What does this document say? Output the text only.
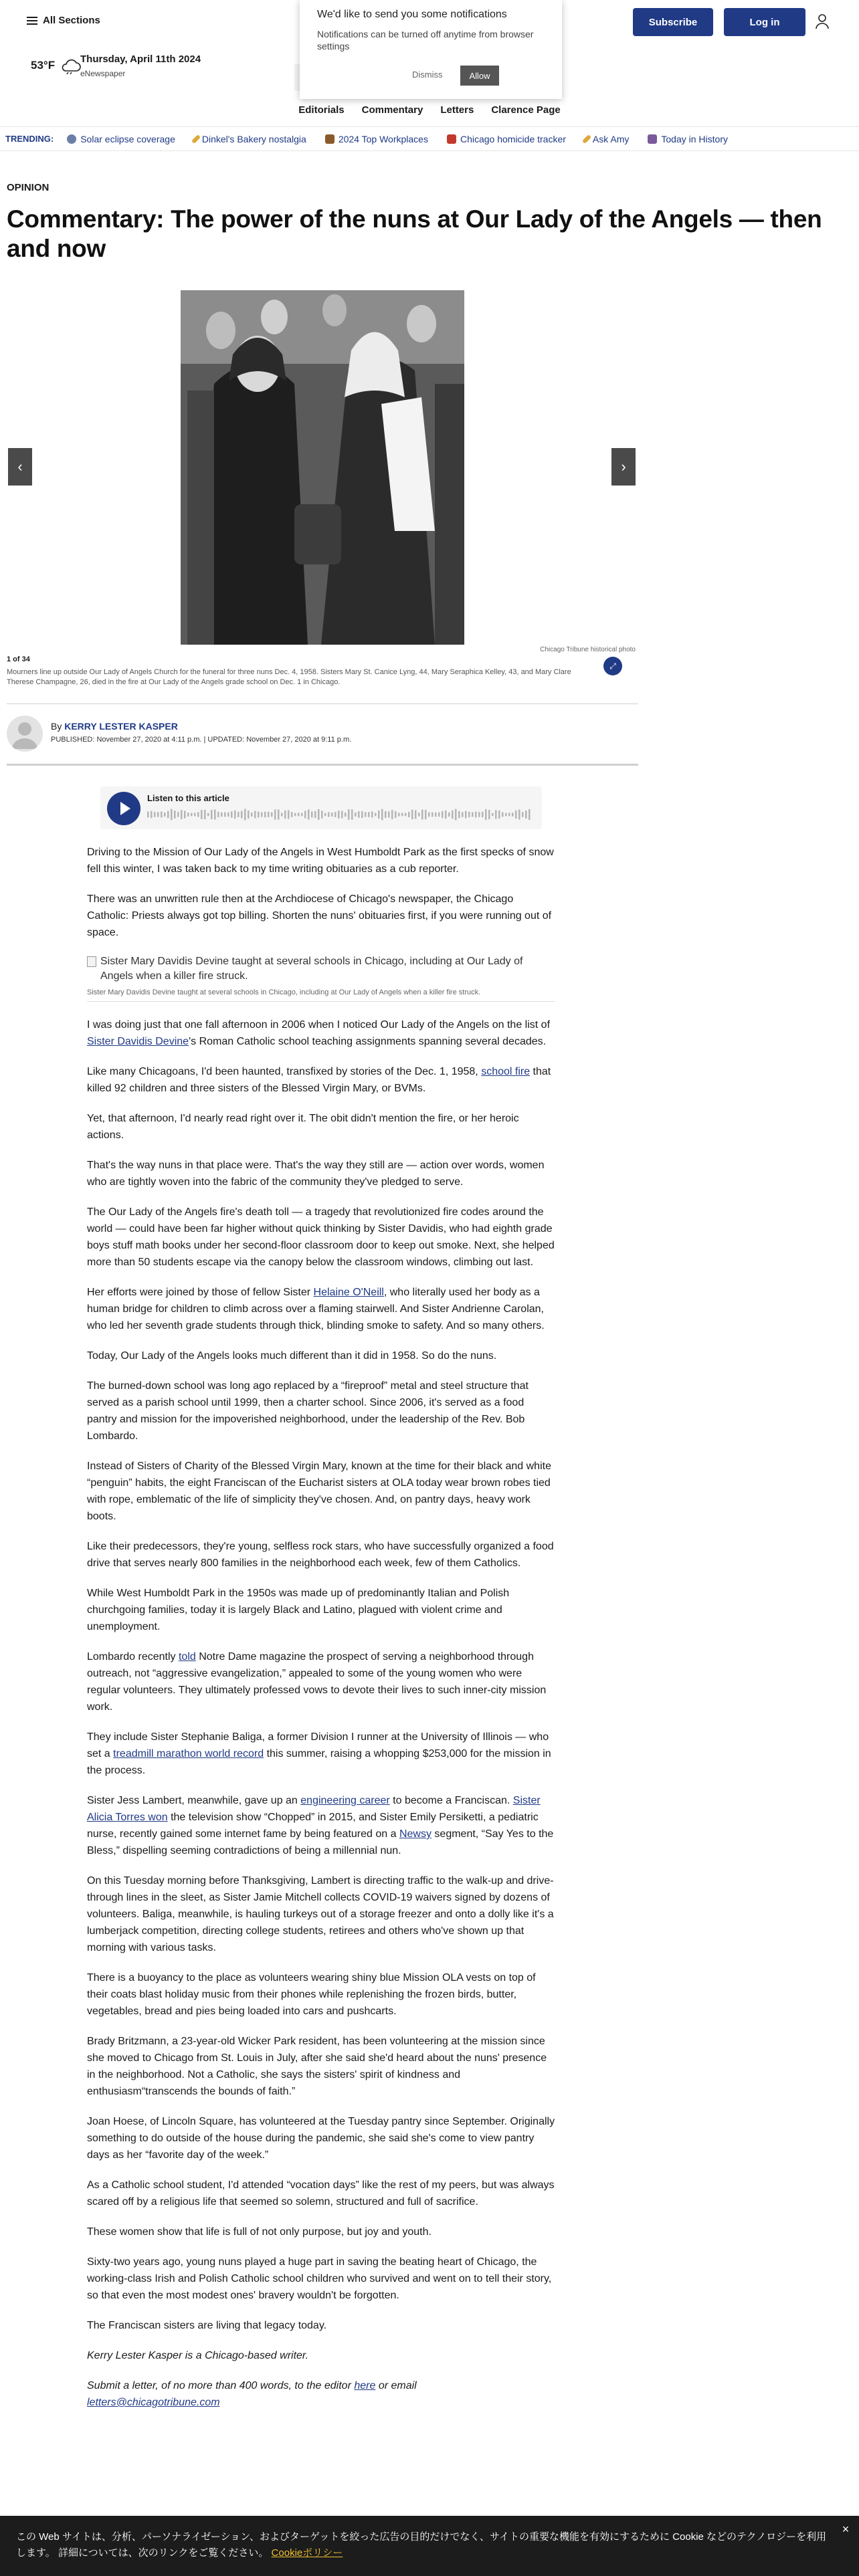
All Sections
53°F	Thursday, April 11th 2024
eNewspaper
Subscribe	Log in
Editorials	Commentary	Letters	Clarence Page
We'd like to send you some notifications
Notifications can be turned off anytime from browser settings
Dismiss	Allow
TRENDING:	Solar eclipse coverage	Dinkel's Bakery nostalgia	2024 Top Workplaces	Chicago homicide tracker	Ask Amy	Today in History
OPINION
Commentary: The power of the nuns at Our Lady of the Angels — then and now
‹	›
Chicago Tribune historical photo
1 of 34
Mourners line up outside Our Lady of Angels Church for the funeral for three nuns Dec. 4, 1958. Sisters Mary St. Canice Lyng, 44, Mary Seraphica Kelley, 43, and Mary Clare Therese Champagne, 26, died in the fire at Our Lady of the Angels grade school on Dec. 1 in Chicago.
⤢
By KERRY LESTER KASPER
PUBLISHED: November 27, 2020 at 4:11 p.m. | UPDATED: November 27, 2020 at 9:11 p.m.
Listen to this article

Driving to the Mission of Our Lady of the Angels in West Humboldt Park as the first specks of snow fell this winter, I was taken back to my time writing obituaries as a cub reporter.

There was an unwritten rule then at the Archdiocese of Chicago's newspaper, the Chicago Catholic: Priests always got top billing. Shorten the nuns' obituaries first, if you were running out of space.

Sister Mary Davidis Devine taught at several schools in Chicago, including at Our Lady of Angels when a killer fire struck.
Sister Mary Davidis Devine taught at several schools in Chicago, including at Our Lady of Angels when a killer fire struck.

I was doing just that one fall afternoon in 2006 when I noticed Our Lady of the Angels on the list of Sister Davidis Devine's Roman Catholic school teaching assignments spanning several decades.

Like many Chicagoans, I'd been haunted, transfixed by stories of the Dec. 1, 1958, school fire that killed 92 children and three sisters of the Blessed Virgin Mary, or BVMs.

Yet, that afternoon, I'd nearly read right over it. The obit didn't mention the fire, or her heroic actions.

That's the way nuns in that place were. That's the way they still are — action over words, women who are tightly woven into the fabric of the community they've pledged to serve.

The Our Lady of the Angels fire's death toll — a tragedy that revolutionized fire codes around the world — could have been far higher without quick thinking by Sister Davidis, who had eighth grade boys stuff math books under her second-floor classroom door to keep out smoke. Next, she helped more than 50 students escape via the canopy below the classroom windows, climbing out last.

Her efforts were joined by those of fellow Sister Helaine O'Neill, who literally used her body as a human bridge for children to climb across over a flaming stairwell. And Sister Andrienne Carolan, who led her seventh grade students through thick, blinding smoke to safety. And so many others.

Today, Our Lady of the Angels looks much different than it did in 1958. So do the nuns.

The burned-down school was long ago replaced by a “fireproof” metal and steel structure that served as a parish school until 1999, then a charter school. Since 2006, it's served as a food pantry and mission for the impoverished neighborhood, under the leadership of the Rev. Bob Lombardo.

Instead of Sisters of Charity of the Blessed Virgin Mary, known at the time for their black and white “penguin” habits, the eight Franciscan of the Eucharist sisters at OLA today wear brown robes tied with rope, emblematic of the life of simplicity they've chosen. And, on pantry days, heavy work boots.

Like their predecessors, they're young, selfless rock stars, who have successfully organized a food drive that serves nearly 800 families in the neighborhood each week, few of them Catholics.

While West Humboldt Park in the 1950s was made up of predominantly Italian and Polish churchgoing families, today it is largely Black and Latino, plagued with violent crime and unemployment.

Lombardo recently told Notre Dame magazine the prospect of serving a neighborhood through outreach, not “aggressive evangelization,” appealed to some of the young women who were regular volunteers. They ultimately professed vows to devote their lives to such inner-city mission work.

They include Sister Stephanie Baliga, a former Division I runner at the University of Illinois — who set a treadmill marathon world record this summer, raising a whopping $253,000 for the mission in the process.

Sister Jess Lambert, meanwhile, gave up an engineering career to become a Franciscan. Sister Alicia Torres won the television show “Chopped” in 2015, and Sister Emily Persiketti, a pediatric nurse, recently gained some internet fame by being featured on a Newsy segment, “Say Yes to the Bless,” dispelling seeming contradictions of being a millennial nun.

On this Tuesday morning before Thanksgiving, Lambert is directing traffic to the walk-up and drive-through lines in the sleet, as Sister Jamie Mitchell collects COVID-19 waivers signed by dozens of volunteers. Baliga, meanwhile, is hauling turkeys out of a storage freezer and onto a dolly like it's a lumberjack competition, directing college students, retirees and others who've shown up that morning with various tasks.

There is a buoyancy to the place as volunteers wearing shiny blue Mission OLA vests on top of their coats blast holiday music from their phones while replenishing the frozen birds, butter, vegetables, bread and pies being loaded into cars and pushcarts.

Brady Britzmann, a 23-year-old Wicker Park resident, has been volunteering at the mission since she moved to Chicago from St. Louis in July, after she said she'd heard about the nuns' presence in the neighborhood. Not a Catholic, she says the sisters' spirit of kindness and enthusiasm“transcends the bounds of faith.”

Joan Hoese, of Lincoln Square, has volunteered at the Tuesday pantry since September. Originally something to do outside of the house during the pandemic, she said she's come to view pantry days as her “favorite day of the week.”

As a Catholic school student, I'd attended “vocation days” like the rest of my peers, but was always scared off by a religious life that seemed so solemn, structured and full of sacrifice.

These women show that life is full of not only purpose, but joy and youth.

Sixty-two years ago, young nuns played a huge part in saving the beating heart of Chicago, the working-class Irish and Polish Catholic school children who survived and went on to tell their story, so that even the most modest ones' bravery wouldn't be forgotten.

The Franciscan sisters are living that legacy today.

Kerry Lester Kasper is a Chicago-based writer.

Submit a letter, of no more than 400 words, to the editor here or email
letters@chicagotribune.com

この Web サイトは、分析、パーソナライゼーション、およびターゲットを絞った広告の目的だけでなく、サイトの重要な機能を有効にするために Cookie などのテクノロジーを利用します。 詳細については、次のリンクをご覧ください。 Cookieポリシー
×
